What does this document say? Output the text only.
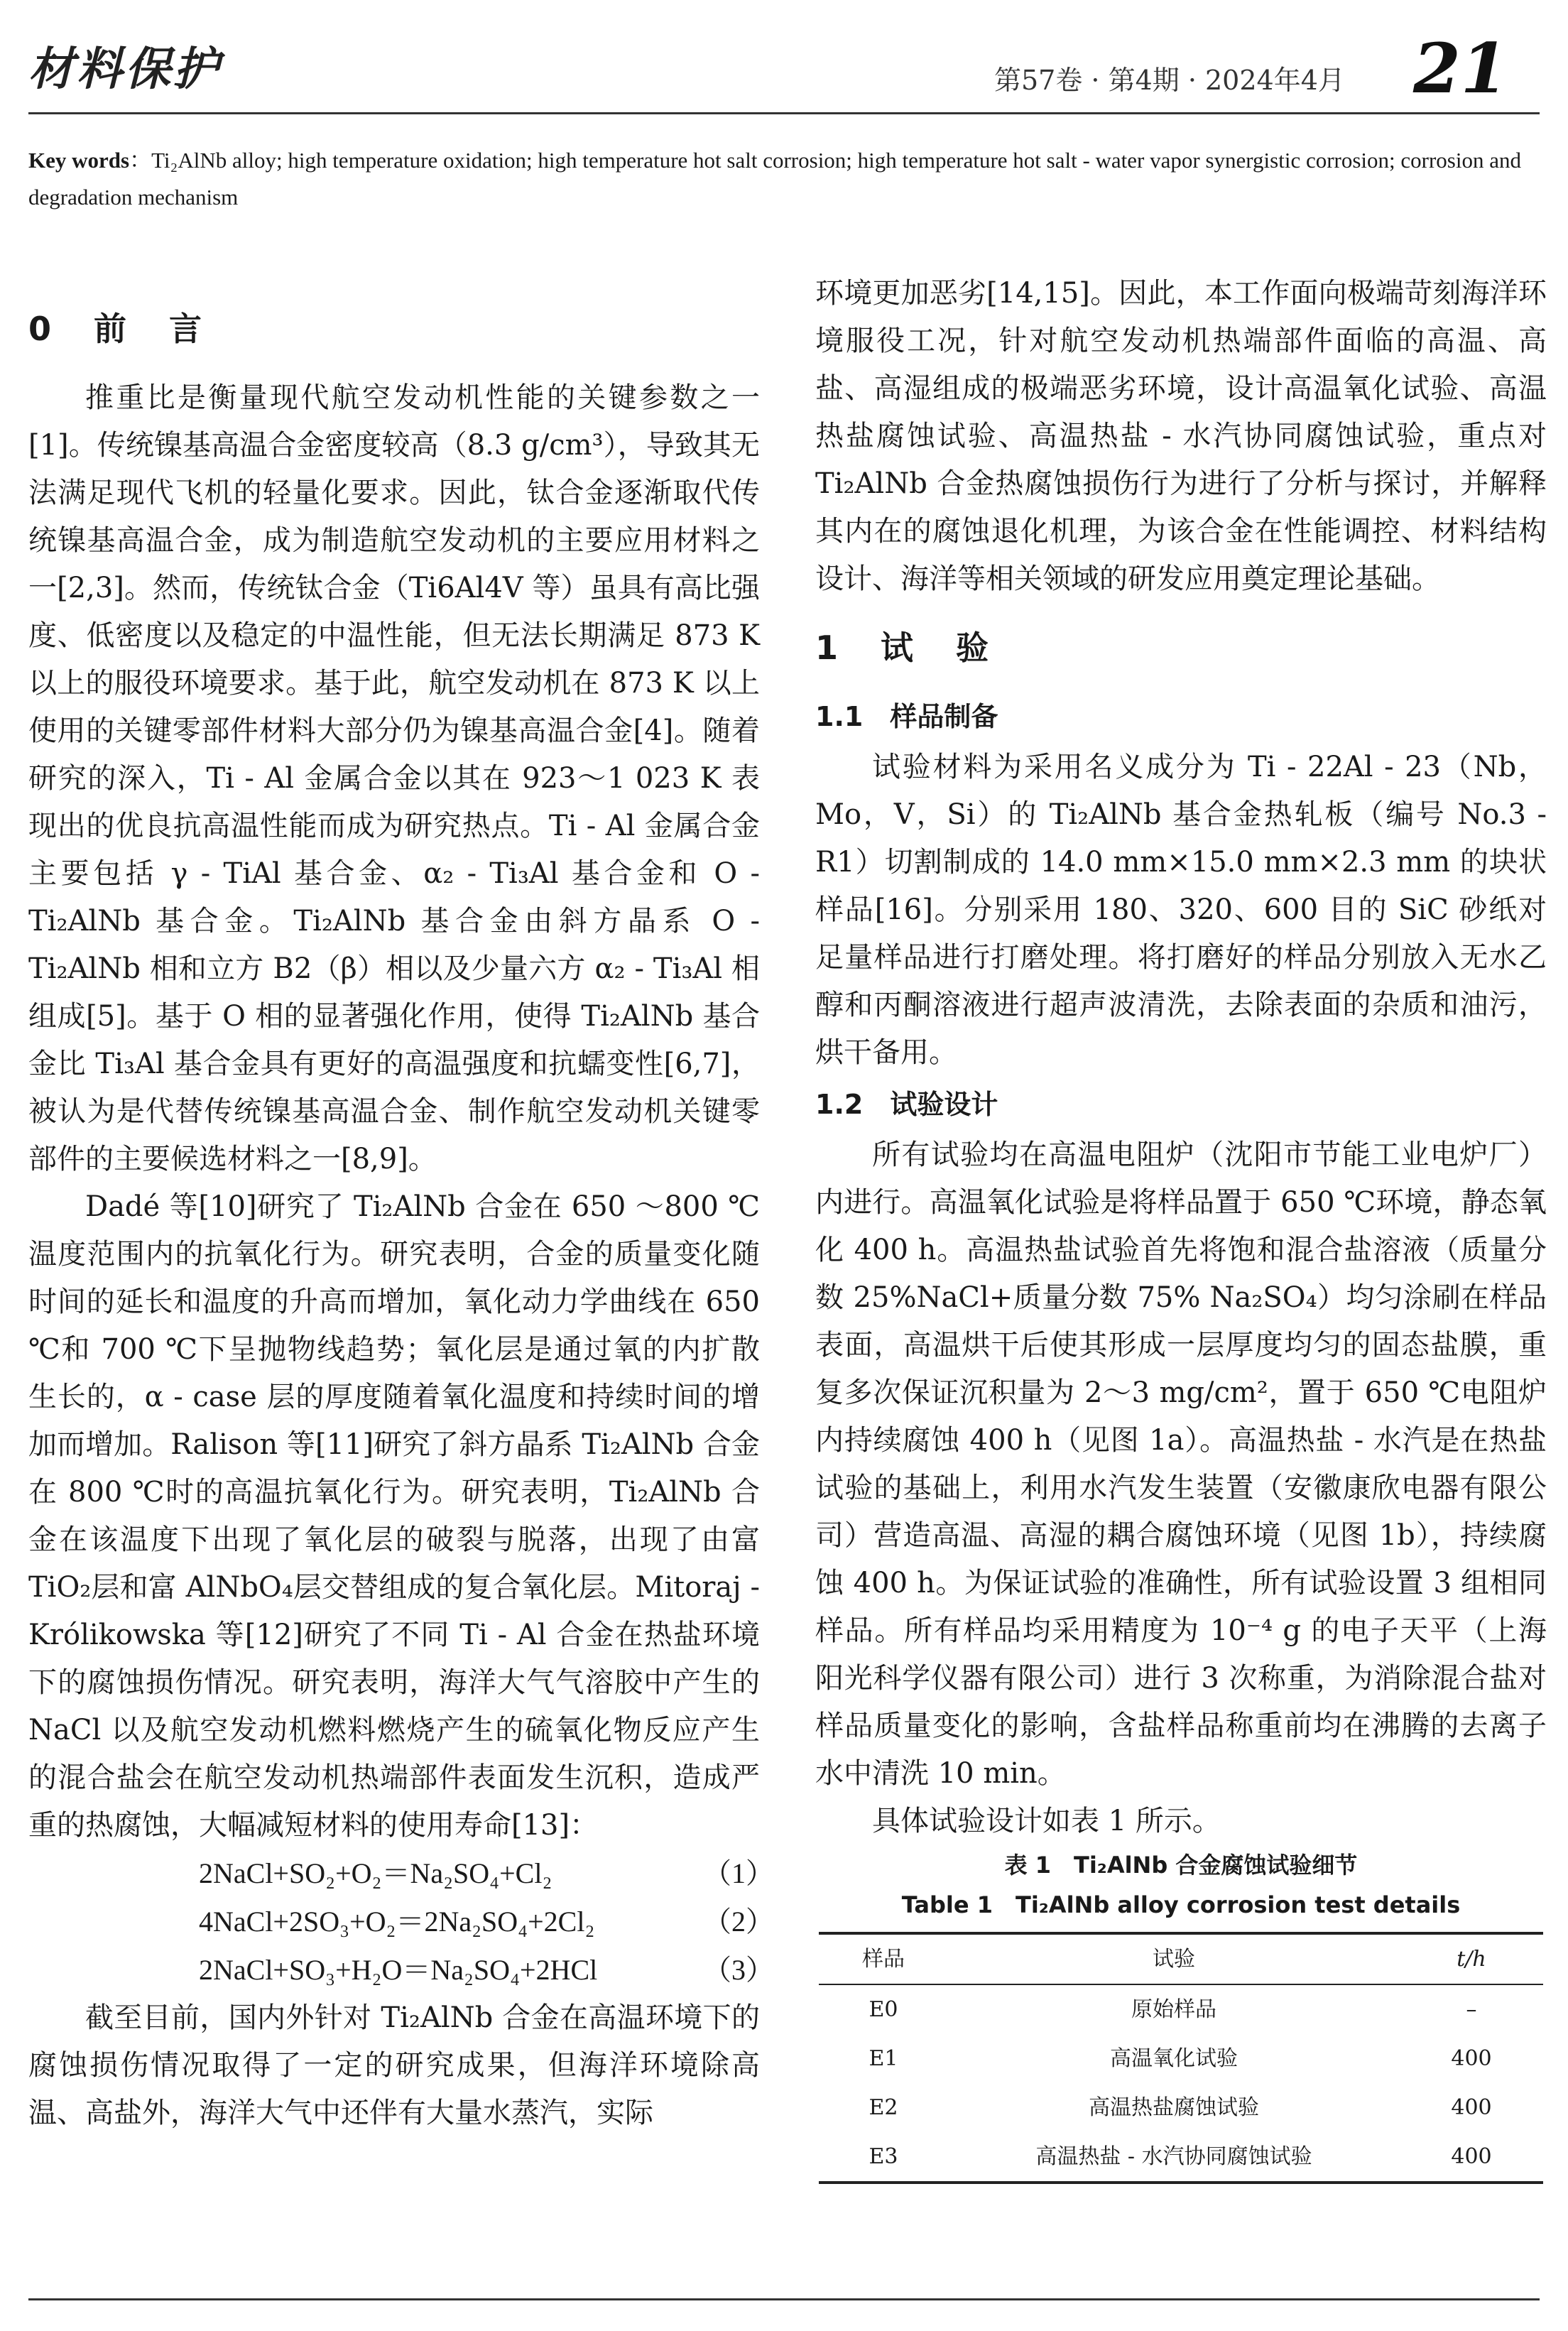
材料保护	第57卷 · 第4期 · 2024年4月 21
Key words：Ti₂AlNb alloy; high temperature oxidation; high temperature hot salt corrosion; high temperature hot salt - water vapor synergistic corrosion; corrosion and degradation mechanism
0 前 言

推重比是衡量现代航空发动机性能的关键参数之一[1]。传统镍基高温合金密度较高（8.3 g/cm³），导致其无法满足现代飞机的轻量化要求。因此，钛合金逐渐取代传统镍基高温合金，成为制造航空发动机的主要应用材料之一[2,3]。然而，传统钛合金（Ti6Al4V 等）虽具有高比强度、低密度以及稳定的中温性能，但无法长期满足 873 K 以上的服役环境要求。基于此，航空发动机在 873 K 以上使用的关键零部件材料大部分仍为镍基高温合金[4]。随着研究的深入，Ti - Al 金属合金以其在 923～1 023 K 表现出的优良抗高温性能而成为研究热点。Ti - Al 金属合金主要包括 γ - TiAl 基合金、α₂ - Ti₃Al 基合金和 O - Ti₂AlNb 基合金。Ti₂AlNb 基合金由斜方晶系 O - Ti₂AlNb 相和立方 B2（β）相以及少量六方 α₂ - Ti₃Al 相组成[5]。基于 O 相的显著强化作用，使得 Ti₂AlNb 基合金比 Ti₃Al 基合金具有更好的高温强度和抗蠕变性[6,7]，被认为是代替传统镍基高温合金、制作航空发动机关键零部件的主要候选材料之一[8,9]。

Dadé 等[10]研究了 Ti₂AlNb 合金在 650 ～800 ℃温度范围内的抗氧化行为。研究表明，合金的质量变化随时间的延长和温度的升高而增加，氧化动力学曲线在 650 ℃和 700 ℃下呈抛物线趋势；氧化层是通过氧的内扩散生长的，α - case 层的厚度随着氧化温度和持续时间的增加而增加。Ralison 等[11]研究了斜方晶系 Ti₂AlNb 合金在 800 ℃时的高温抗氧化行为。研究表明，Ti₂AlNb 合金在该温度下出现了氧化层的破裂与脱落，出现了由富 TiO₂层和富 AlNbO₄层交替组成的复合氧化层。Mitoraj - Królikowska 等[12]研究了不同 Ti - Al 合金在热盐环境下的腐蚀损伤情况。研究表明，海洋大气气溶胶中产生的 NaCl 以及航空发动机燃料燃烧产生的硫氧化物反应产生的混合盐会在航空发动机热端部件表面发生沉积，造成严重的热腐蚀，大幅减短材料的使用寿命[13]：

2NaCl+SO₂+O₂＝Na₂SO₄+Cl₂	（1）
4NaCl+2SO₃+O₂＝2Na₂SO₄+2Cl₂	（2）
2NaCl+SO₃+H₂O＝Na₂SO₄+2HCl	（3）

截至目前，国内外针对 Ti₂AlNb 合金在高温环境下的腐蚀损伤情况取得了一定的研究成果，但海洋环境除高温、高盐外，海洋大气中还伴有大量水蒸汽，实际

环境更加恶劣[14,15]。因此，本工作面向极端苛刻海洋环境服役工况，针对航空发动机热端部件面临的高温、高盐、高湿组成的极端恶劣环境，设计高温氧化试验、高温热盐腐蚀试验、高温热盐 - 水汽协同腐蚀试验，重点对 Ti₂AlNb 合金热腐蚀损伤行为进行了分析与探讨，并解释其内在的腐蚀退化机理，为该合金在性能调控、材料结构设计、海洋等相关领域的研发应用奠定理论基础。

1 试 验
1.1　样品制备

试验材料为采用名义成分为 Ti - 22Al - 23（Nb，Mo，V，Si）的 Ti₂AlNb 基合金热轧板（编号 No.3 - R1）切割制成的 14.0 mm×15.0 mm×2.3 mm 的块状样品[16]。分别采用 180、320、600 目的 SiC 砂纸对足量样品进行打磨处理。将打磨好的样品分别放入无水乙醇和丙酮溶液进行超声波清洗，去除表面的杂质和油污，烘干备用。

1.2　试验设计

所有试验均在高温电阻炉（沈阳市节能工业电炉厂）内进行。高温氧化试验是将样品置于 650 ℃环境，静态氧化 400 h。高温热盐试验首先将饱和混合盐溶液（质量分数 25%NaCl+质量分数 75% Na₂SO₄）均匀涂刷在样品表面，高温烘干后使其形成一层厚度均匀的固态盐膜，重复多次保证沉积量为 2～3 mg/cm²，置于 650 ℃电阻炉内持续腐蚀 400 h（见图 1a）。高温热盐 - 水汽是在热盐试验的基础上，利用水汽发生装置（安徽康欣电器有限公司）营造高温、高湿的耦合腐蚀环境（见图 1b），持续腐蚀 400 h。为保证试验的准确性，所有试验设置 3 组相同样品。所有样品均采用精度为 10⁻⁴ g 的电子天平（上海阳光科学仪器有限公司）进行 3 次称重，为消除混合盐对样品质量变化的影响，含盐样品称重前均在沸腾的去离子水中清洗 10 min。

具体试验设计如表 1 所示。

表 1　Ti₂AlNb 合金腐蚀试验细节
Table 1　Ti₂AlNb alloy corrosion test details
样品	试验	t/h
E0	原始样品	–
E1	高温氧化试验	400
E2	高温热盐腐蚀试验	400
E3	高温热盐 - 水汽协同腐蚀试验	400
